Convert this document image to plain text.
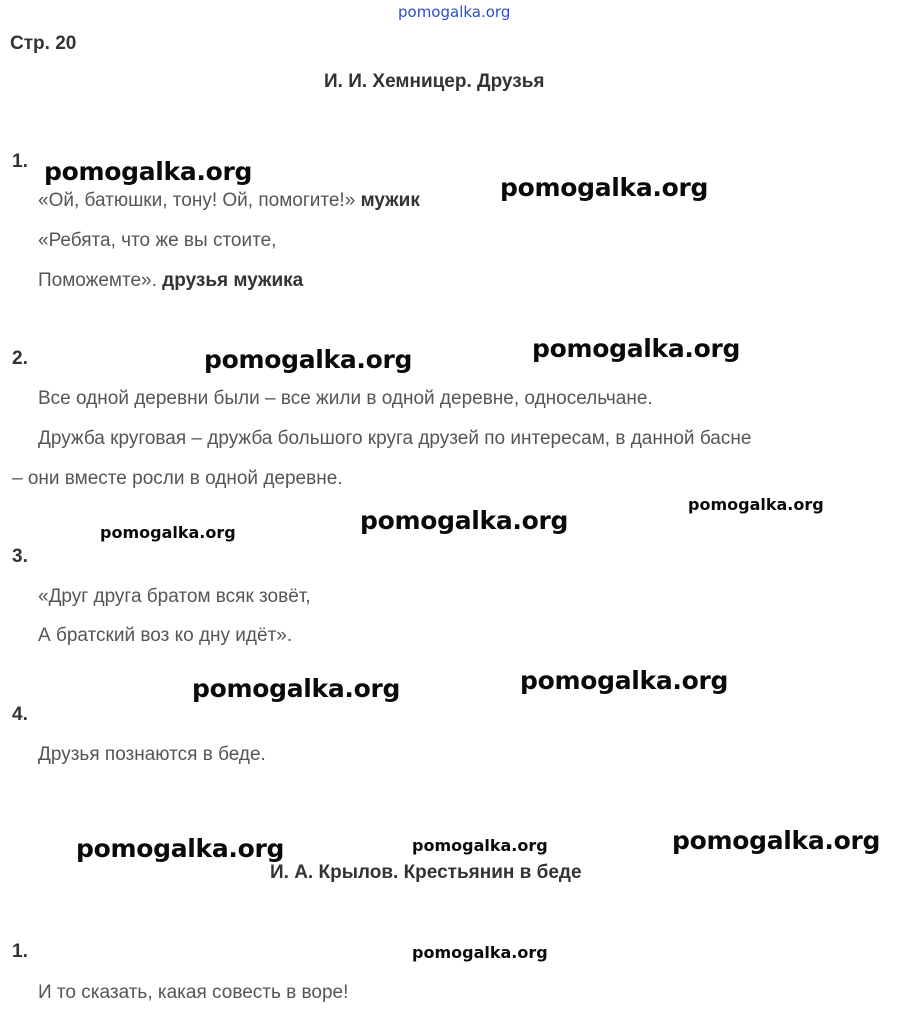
pomogalka.org
Стр. 20
И. И. Хемницер. Друзья
1.
«Ой, батюшки, тону! Ой, помогите!» мужик
«Ребята, что же вы стоите,
Поможемте». друзья мужика
2.
Все одной деревни были – все жили в одной деревне, односельчане.
Дружба круговая – дружба большого круга друзей по интересам, в данной басне
– они вместе росли в одной деревне.
3.
«Друг друга братом всяк зовёт,
А братский воз ко дну идёт».
4.
Друзья познаются в беде.
И. А. Крылов. Крестьянин в беде
1.
И то сказать, какая совесть в воре!
pomogalka.org
pomogalka.org
pomogalka.org	pomogalka.org
pomogalka.org
pomogalka.org
pomogalka.org
pomogalka.org	pomogalka.org
pomogalka.org	pomogalka.org	pomogalka.org
pomogalka.org
